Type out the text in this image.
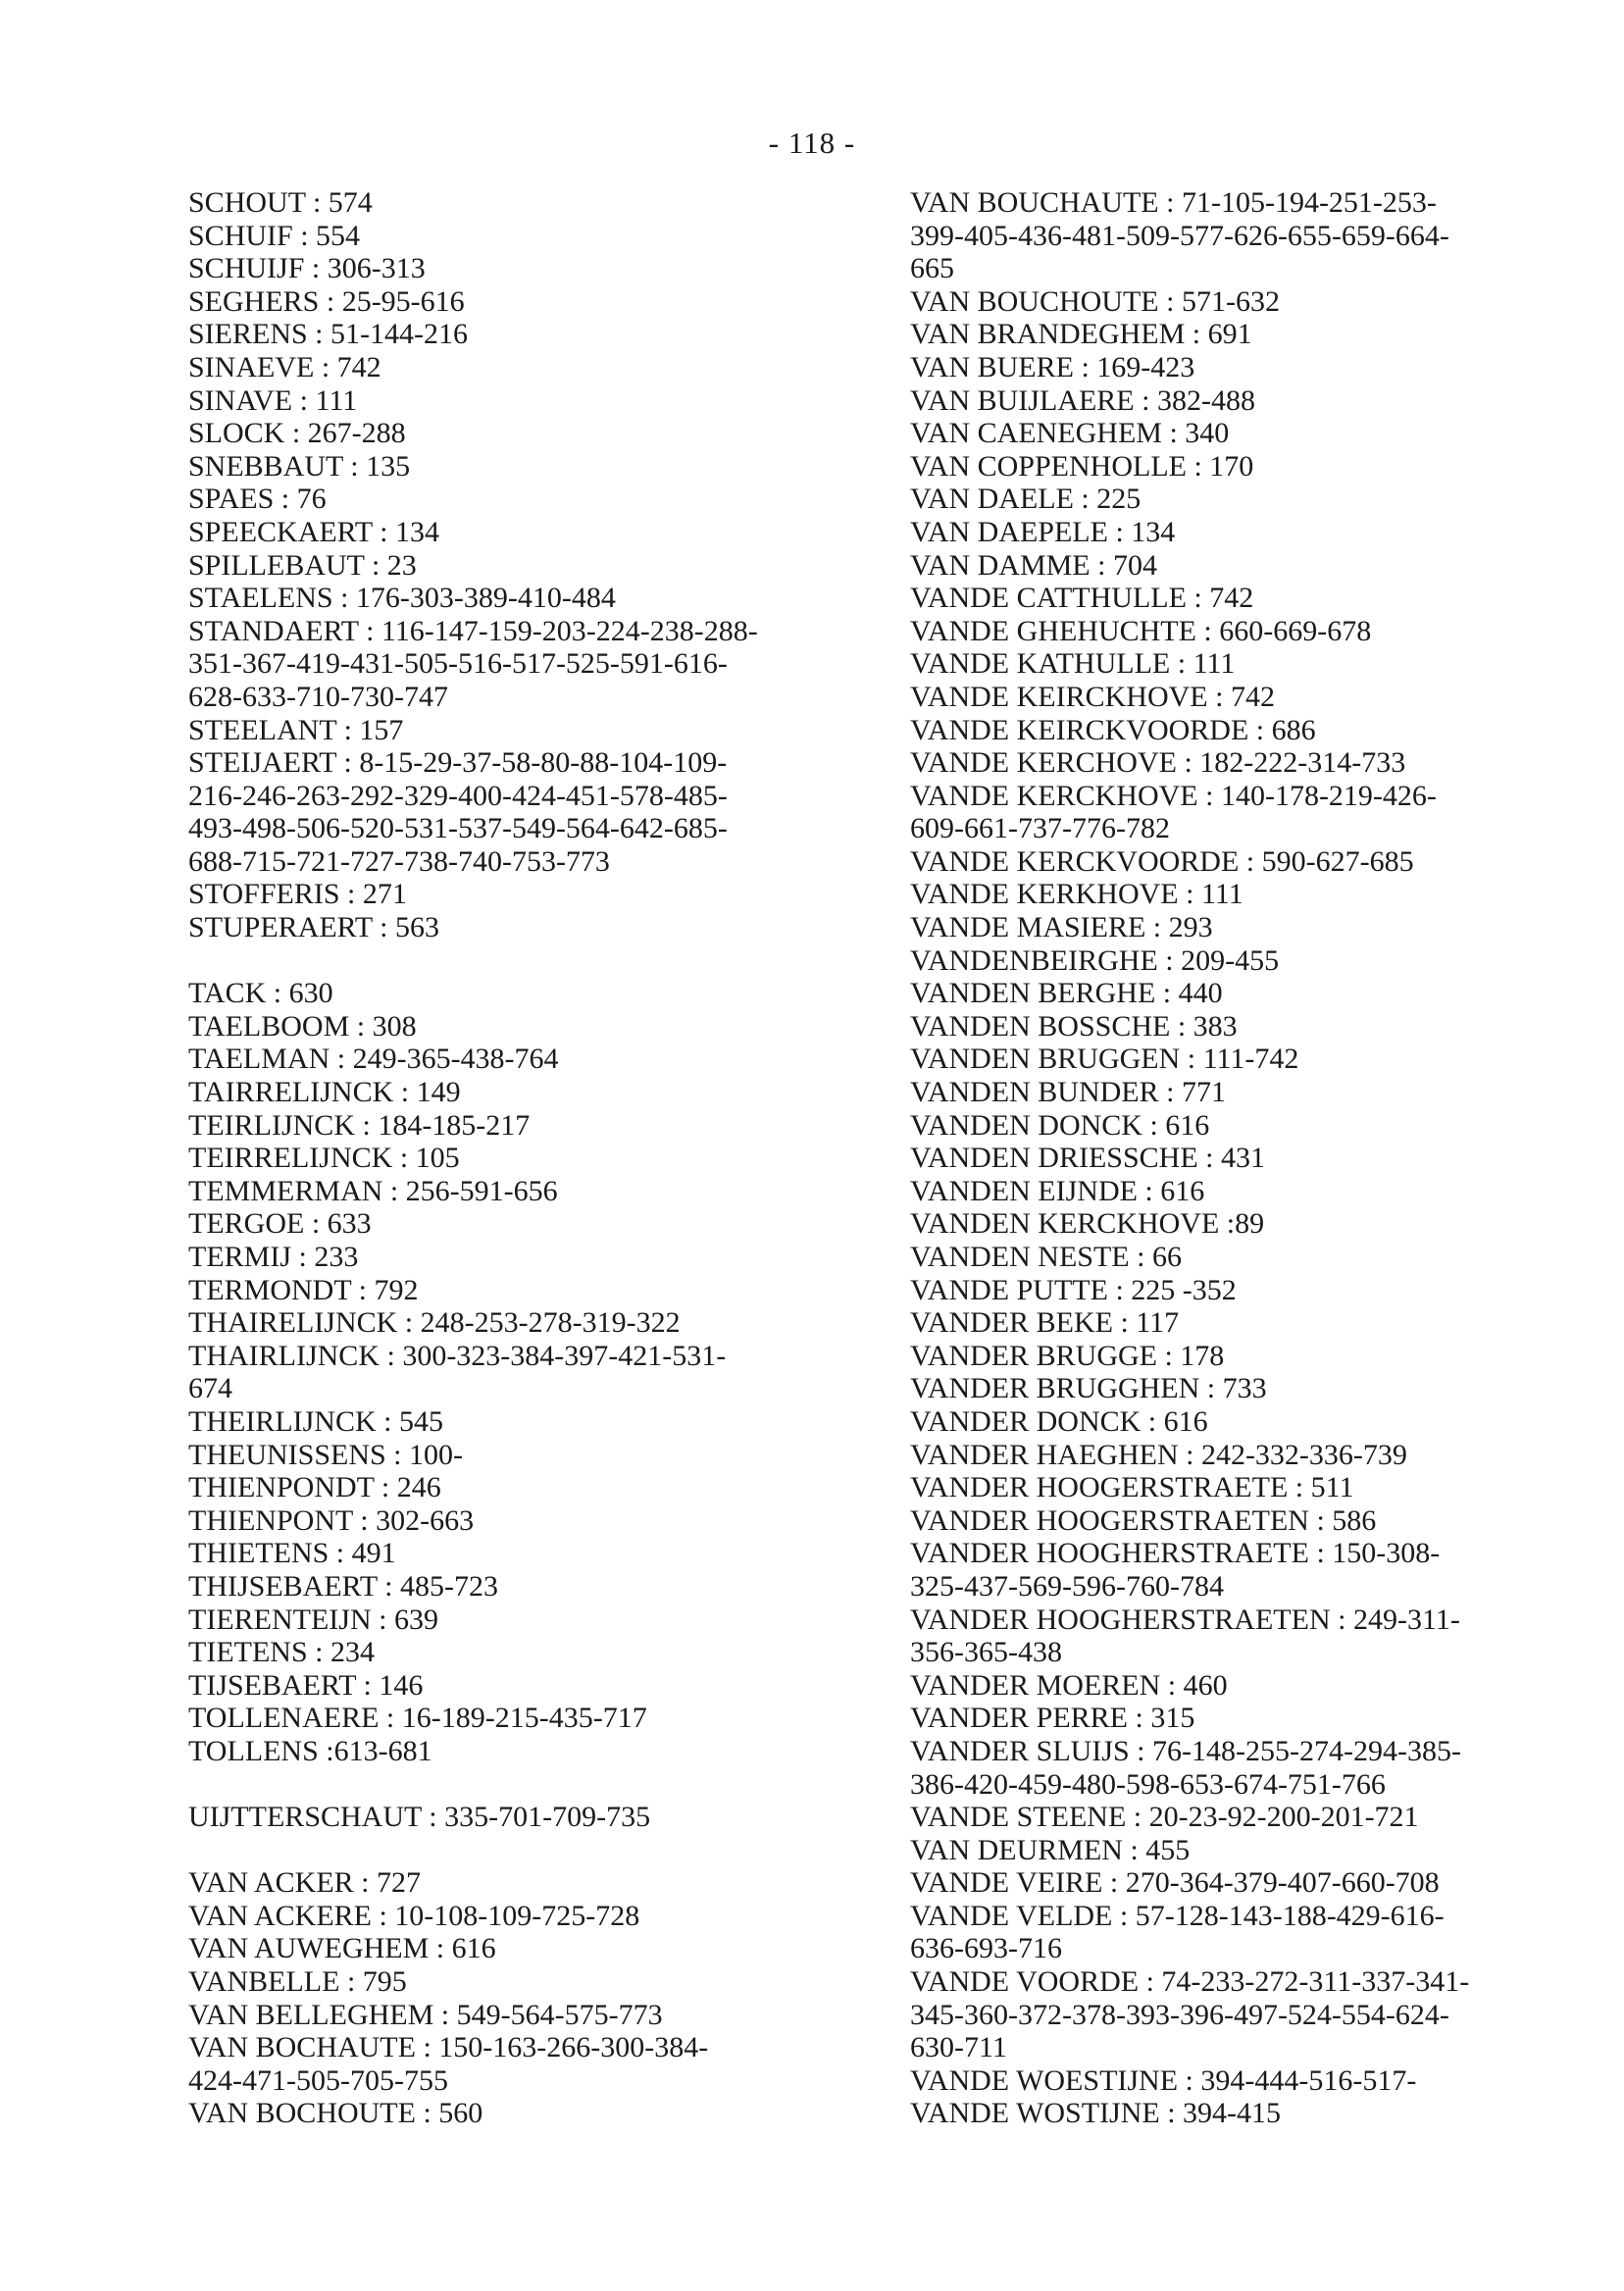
- 118 -
SCHOUT : 574
SCHUIF : 554
SCHUIJF : 306-313
SEGHERS : 25-95-616
SIERENS : 51-144-216
SINAEVE : 742
SINAVE : 111
SLOCK : 267-288
SNEBBAUT : 135
SPAES : 76
SPEECKAERT : 134
SPILLEBAUT : 23
STAELENS : 176-303-389-410-484
STANDAERT : 116-147-159-203-224-238-288-
351-367-419-431-505-516-517-525-591-616-
628-633-710-730-747
STEELANT : 157
STEIJAERT : 8-15-29-37-58-80-88-104-109-
216-246-263-292-329-400-424-451-578-485-
493-498-506-520-531-537-549-564-642-685-
688-715-721-727-738-740-753-773
STOFFERIS : 271
STUPERAERT : 563
TACK : 630
TAELBOOM : 308
TAELMAN : 249-365-438-764
TAIRRELIJNCK : 149
TEIRLIJNCK : 184-185-217
TEIRRELIJNCK : 105
TEMMERMAN : 256-591-656
TERGOE : 633
TERMIJ : 233
TERMONDT : 792
THAIRELIJNCK : 248-253-278-319-322
THAIRLIJNCK : 300-323-384-397-421-531-
674
THEIRLIJNCK : 545
THEUNISSENS : 100-
THIENPONDT : 246
THIENPONT : 302-663
THIETENS : 491
THIJSEBAERT : 485-723
TIERENTEIJN : 639
TIETENS : 234
TIJSEBAERT : 146
TOLLENAERE : 16-189-215-435-717
TOLLENS :613-681
UIJTTERSCHAUT : 335-701-709-735
VAN ACKER : 727
VAN ACKERE : 10-108-109-725-728
VAN AUWEGHEM : 616
VANBELLE : 795
VAN BELLEGHEM : 549-564-575-773
VAN BOCHAUTE : 150-163-266-300-384-
424-471-505-705-755
VAN BOCHOUTE : 560
VAN BOUCHAUTE : 71-105-194-251-253-
399-405-436-481-509-577-626-655-659-664-
665
VAN BOUCHOUTE : 571-632
VAN BRANDEGHEM : 691
VAN BUERE : 169-423
VAN BUIJLAERE : 382-488
VAN CAENEGHEM : 340
VAN COPPENHOLLE : 170
VAN DAELE : 225
VAN DAEPELE : 134
VAN DAMME : 704
VANDE CATTHULLE : 742
VANDE GHEHUCHTE : 660-669-678
VANDE KATHULLE : 111
VANDE KEIRCKHOVE : 742
VANDE KEIRCKVOORDE : 686
VANDE KERCHOVE : 182-222-314-733
VANDE KERCKHOVE : 140-178-219-426-
609-661-737-776-782
VANDE KERCKVOORDE : 590-627-685
VANDE KERKHOVE : 111
VANDE MASIERE : 293
VANDENBEIRGHE : 209-455
VANDEN BERGHE : 440
VANDEN BOSSCHE : 383
VANDEN BRUGGEN : 111-742
VANDEN BUNDER : 771
VANDEN DONCK : 616
VANDEN DRIESSCHE : 431
VANDEN EIJNDE : 616
VANDEN KERCKHOVE :89
VANDEN NESTE : 66
VANDE PUTTE : 225 -352
VANDER BEKE : 117
VANDER BRUGGE : 178
VANDER BRUGGHEN : 733
VANDER DONCK : 616
VANDER HAEGHEN : 242-332-336-739
VANDER HOOGERSTRAETE : 511
VANDER HOOGERSTRAETEN : 586
VANDER HOOGHERSTRAETE : 150-308-
325-437-569-596-760-784
VANDER HOOGHERSTRAETEN : 249-311-
356-365-438
VANDER MOEREN : 460
VANDER PERRE : 315
VANDER SLUIJS : 76-148-255-274-294-385-
386-420-459-480-598-653-674-751-766
VANDE STEENE : 20-23-92-200-201-721
VAN DEURMEN : 455
VANDE VEIRE : 270-364-379-407-660-708
VANDE VELDE : 57-128-143-188-429-616-
636-693-716
VANDE VOORDE : 74-233-272-311-337-341-
345-360-372-378-393-396-497-524-554-624-
630-711
VANDE WOESTIJNE : 394-444-516-517-
VANDE WOSTIJNE : 394-415
